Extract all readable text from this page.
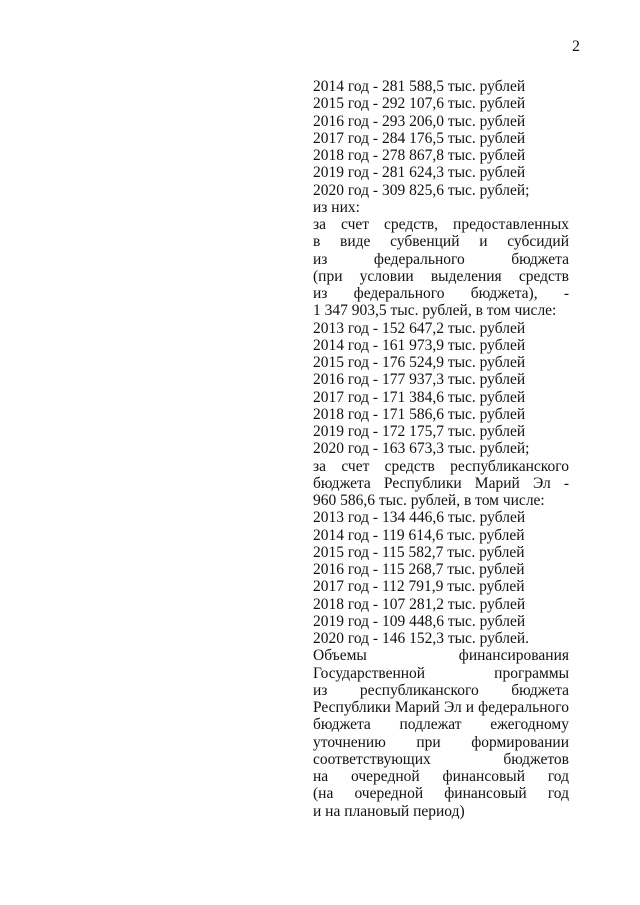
2
2014 год - 281 588,5 тыс. рублей
2015 год - 292 107,6 тыс. рублей
2016 год - 293 206,0 тыс. рублей
2017 год - 284 176,5 тыс. рублей
2018 год - 278 867,8 тыс. рублей
2019 год - 281 624,3 тыс. рублей
2020 год - 309 825,6 тыс. рублей;
из них:
за счет средств, предоставленных
в виде субвенций и субсидий
из федерального бюджета
(при условии выделения средств
из федерального бюджета), -
1 347 903,5 тыс. рублей, в том числе:
2013 год - 152 647,2 тыс. рублей
2014 год - 161 973,9 тыс. рублей
2015 год - 176 524,9 тыс. рублей
2016 год - 177 937,3 тыс. рублей
2017 год - 171 384,6 тыс. рублей
2018 год - 171 586,6 тыс. рублей
2019 год - 172 175,7 тыс. рублей
2020 год - 163 673,3 тыс. рублей;
за счет средств республиканского
бюджета Республики Марий Эл -
960 586,6 тыс. рублей, в том числе:
2013 год - 134 446,6 тыс. рублей
2014 год - 119 614,6 тыс. рублей
2015 год - 115 582,7 тыс. рублей
2016 год - 115 268,7 тыс. рублей
2017 год - 112 791,9 тыс. рублей
2018 год - 107 281,2 тыс. рублей
2019 год - 109 448,6 тыс. рублей
2020 год - 146 152,3 тыс. рублей.
Объемы финансирования
Государственной программы
из республиканского бюджета
Республики Марий Эл и федерального
бюджета подлежат ежегодному
уточнению при формировании
соответствующих бюджетов
на очередной финансовый год
(на очередной финансовый год
и на плановый период)
